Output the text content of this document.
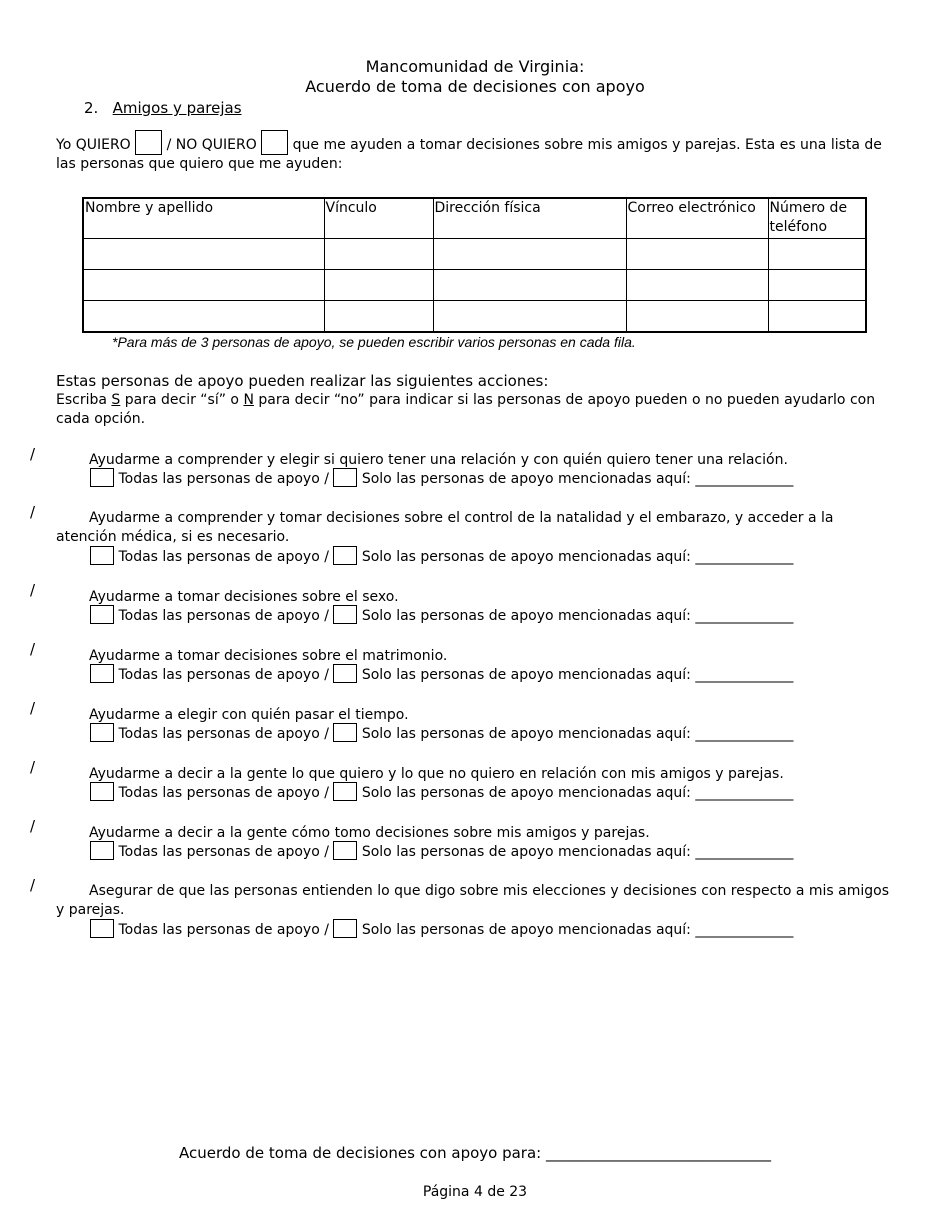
Mancomunidad de Virginia:
Acuerdo de toma de decisiones con apoyo
2. Amigos y parejas
Yo QUIERO	/ NO QUIERO	que me ayuden a tomar decisiones sobre mis amigos y parejas. Esta es una lista de las personas que quiero que me ayuden:
Nombre y apellido	Vínculo	Dirección física	Correo electrónico	Número de teléfono

*Para más de 3 personas de apoyo, se pueden escribir varios personas en cada fila.
Estas personas de apoyo pueden realizar las siguientes acciones:
Escriba S para decir “sí” o N para decir “no” para indicar si las personas de apoyo pueden o no pueden ayudarlo con cada opción.
/	Ayudarme a comprender y elegir si quiero tener una relación y con quién quiero tener una relación.
Todas las personas de apoyo / Solo las personas de apoyo mencionadas aquí: ______________
/	Ayudarme a comprender y tomar decisiones sobre el control de la natalidad y el embarazo, y acceder a la atención médica, si es necesario.
Todas las personas de apoyo / Solo las personas de apoyo mencionadas aquí: ______________
/	Ayudarme a tomar decisiones sobre el sexo.
Todas las personas de apoyo / Solo las personas de apoyo mencionadas aquí: ______________
/	Ayudarme a tomar decisiones sobre el matrimonio.
Todas las personas de apoyo / Solo las personas de apoyo mencionadas aquí: ______________
/	Ayudarme a elegir con quién pasar el tiempo.
Todas las personas de apoyo / Solo las personas de apoyo mencionadas aquí: ______________
/	Ayudarme a decir a la gente lo que quiero y lo que no quiero en relación con mis amigos y parejas.
Todas las personas de apoyo / Solo las personas de apoyo mencionadas aquí: ______________
/	Ayudarme a decir a la gente cómo tomo decisiones sobre mis amigos y parejas.
Todas las personas de apoyo / Solo las personas de apoyo mencionadas aquí: ______________
/	Asegurar de que las personas entienden lo que digo sobre mis elecciones y decisiones con respecto a mis amigos y parejas.
Todas las personas de apoyo / Solo las personas de apoyo mencionadas aquí: ______________
Acuerdo de toma de decisiones con apoyo para: ______________________________
Página 4 de 23
